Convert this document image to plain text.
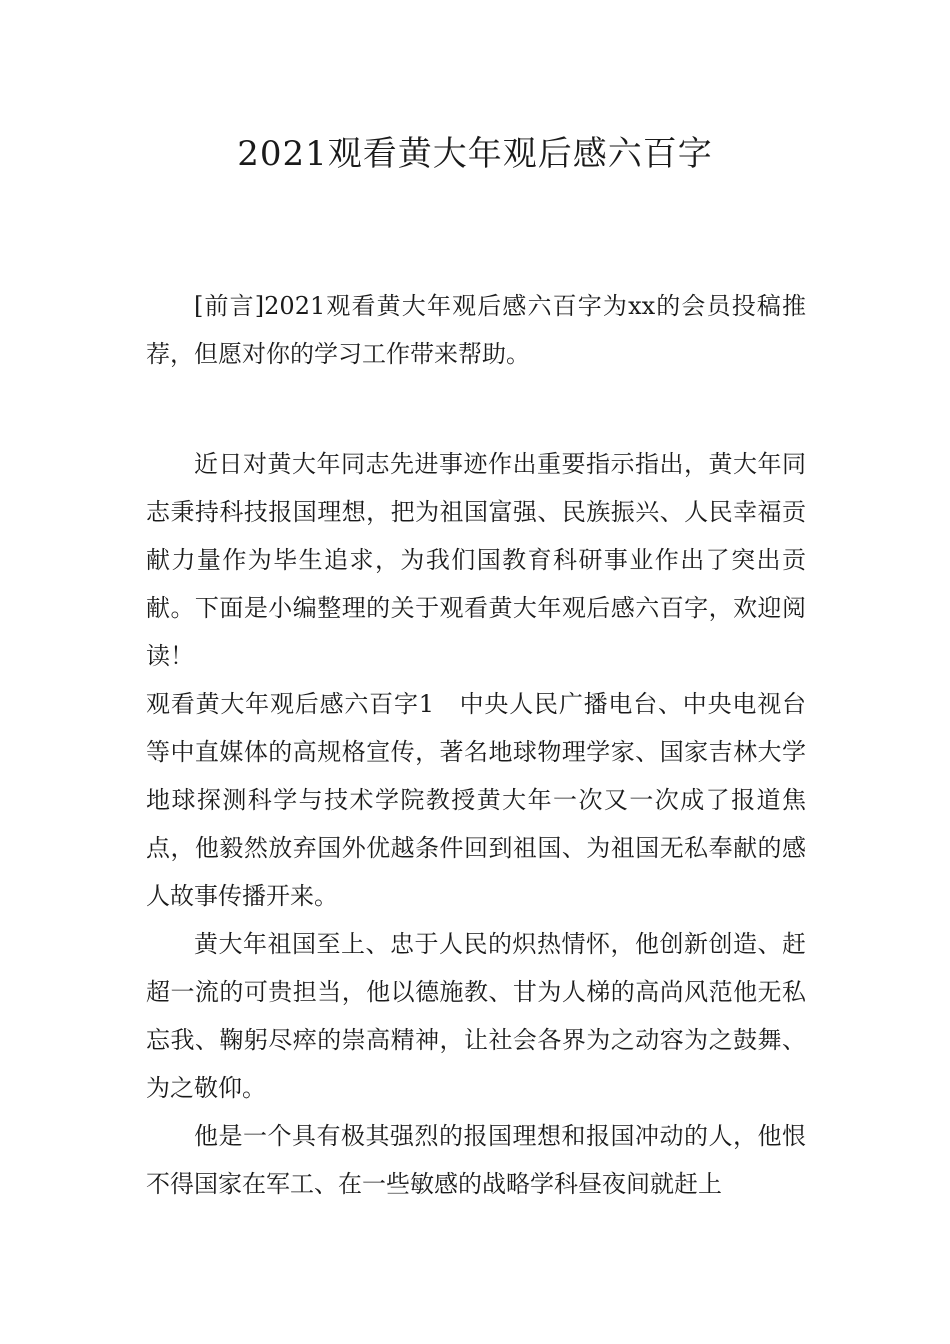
2021观看黄大年观后感六百字

[前言]2021观看黄大年观后感六百字为xx的会员投稿推荐，但愿对你的学习工作带来帮助。

近日对黄大年同志先进事迹作出重要指示指出，黄大年同志秉持科技报国理想，把为祖国富强、民族振兴、人民幸福贡献力量作为毕生追求，为我们国教育科研事业作出了突出贡献。下面是小编整理的关于观看黄大年观后感六百字，欢迎阅读！

观看黄大年观后感六百字1　中央人民广播电台、中央电视台等中直媒体的高规格宣传，著名地球物理学家、国家吉林大学地球探测科学与技术学院教授黄大年一次又一次成了报道焦点，他毅然放弃国外优越条件回到祖国、为祖国无私奉献的感人故事传播开来。

黄大年祖国至上、忠于人民的炽热情怀，他创新创造、赶超一流的可贵担当，他以德施教、甘为人梯的高尚风范他无私忘我、鞠躬尽瘁的崇高精神，让社会各界为之动容为之鼓舞、为之敬仰。

他是一个具有极其强烈的报国理想和报国冲动的人，他恨不得国家在军工、在一些敏感的战略学科昼夜间就赶上
